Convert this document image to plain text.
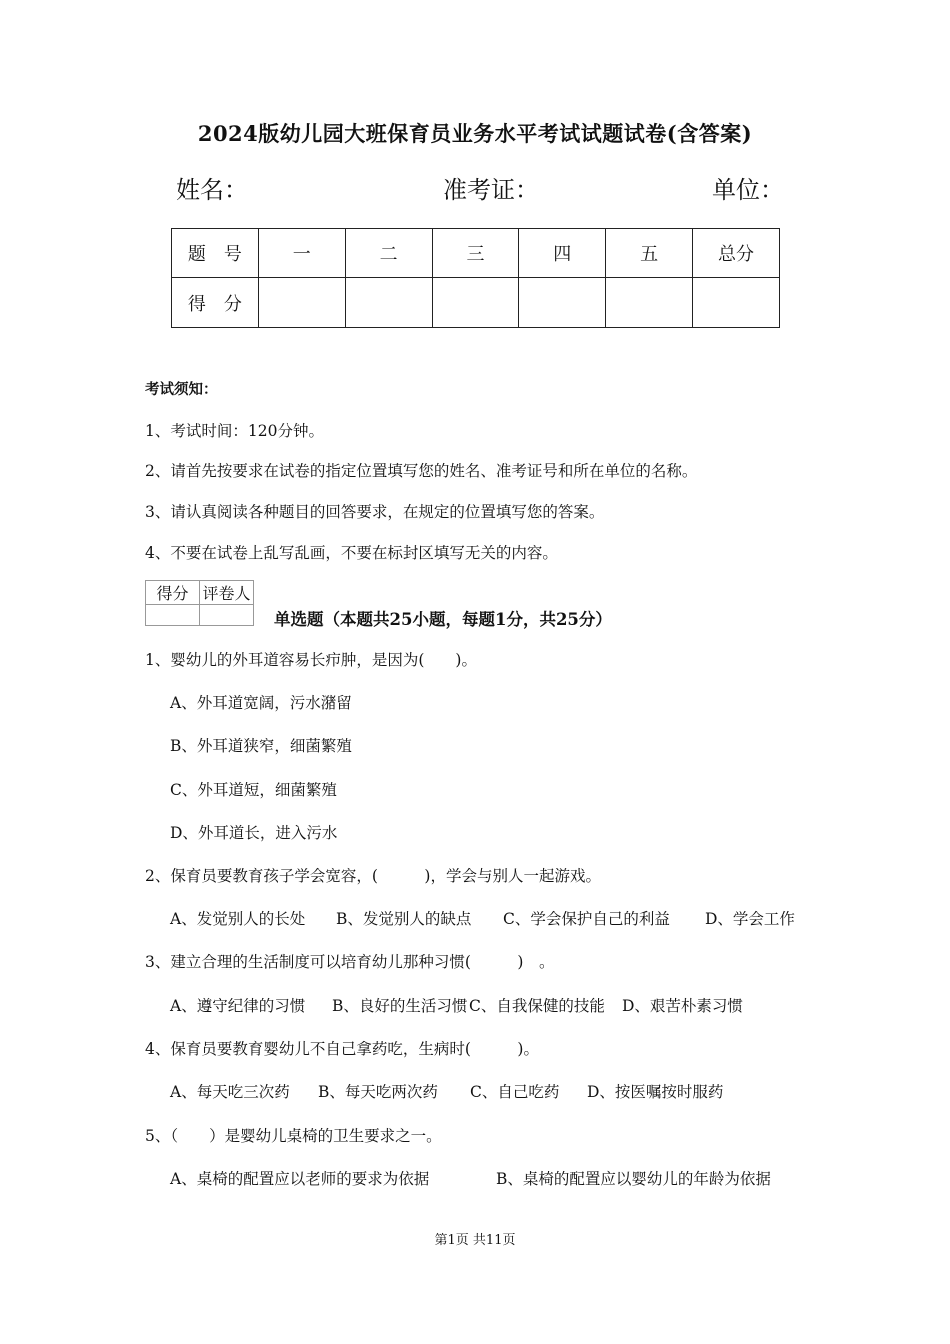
2024版幼儿园大班保育员业务水平考试试题试卷(含答案)
姓名：	准考证：	单位：
题　号	一	二	三	四	五	总分
得　分						
考试须知：
1、考试时间：120分钟。
2、请首先按要求在试卷的指定位置填写您的姓名、准考证号和所在单位的名称。
3、请认真阅读各种题目的回答要求，在规定的位置填写您的答案。
4、不要在试卷上乱写乱画，不要在标封区填写无关的内容。
得分	评卷人

单选题（本题共25小题，每题1分，共25分）
1、婴幼儿的外耳道容易长疖肿，是因为(　　)。
A、外耳道宽阔，污水潴留
B、外耳道狭窄，细菌繁殖
C、外耳道短，细菌繁殖
D、外耳道长，进入污水
2、保育员要教育孩子学会宽容，(　　　)，学会与别人一起游戏。
A、发觉别人的长处 B、发觉别人的缺点 C、学会保护自己的利益 D、学会工作
3、建立合理的生活制度可以培育幼儿那种习惯(　　　)　。
A、遵守纪律的习惯 B、良好的生活习惯 C、自我保健的技能 D、艰苦朴素习惯
4、保育员要教育婴幼儿不自己拿药吃，生病时(　　　)。
A、每天吃三次药 B、每天吃两次药 C、自己吃药 D、按医嘱按时服药
5、（　　）是婴幼儿桌椅的卫生要求之一。
A、桌椅的配置应以老师的要求为依据	B、桌椅的配置应以婴幼儿的年龄为依据
第1页 共11页
